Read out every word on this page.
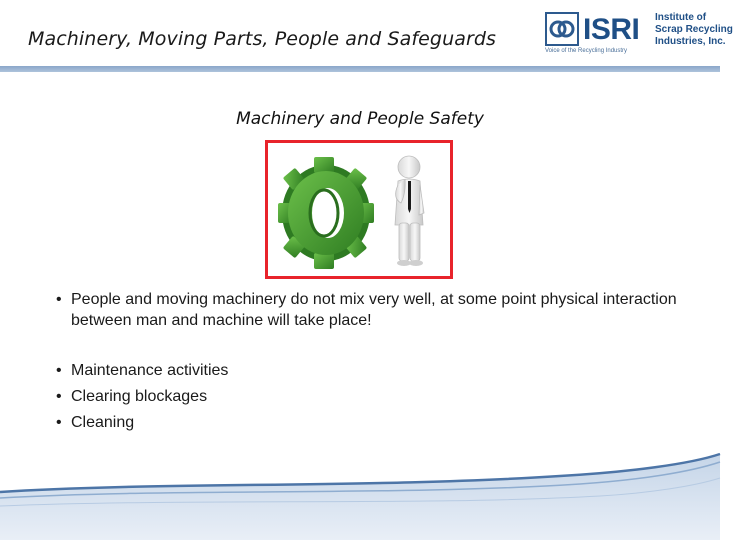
Machinery, Moving Parts, People and Safeguards	ISRI Institute of
Scrap Recycling
Industries, Inc.
Voice of the Recycling Industry
Machinery and People Safety
• People and moving machinery do not mix very well, at some point physical interaction between man and machine will take place!
• Maintenance activities
• Clearing blockages
• Cleaning
